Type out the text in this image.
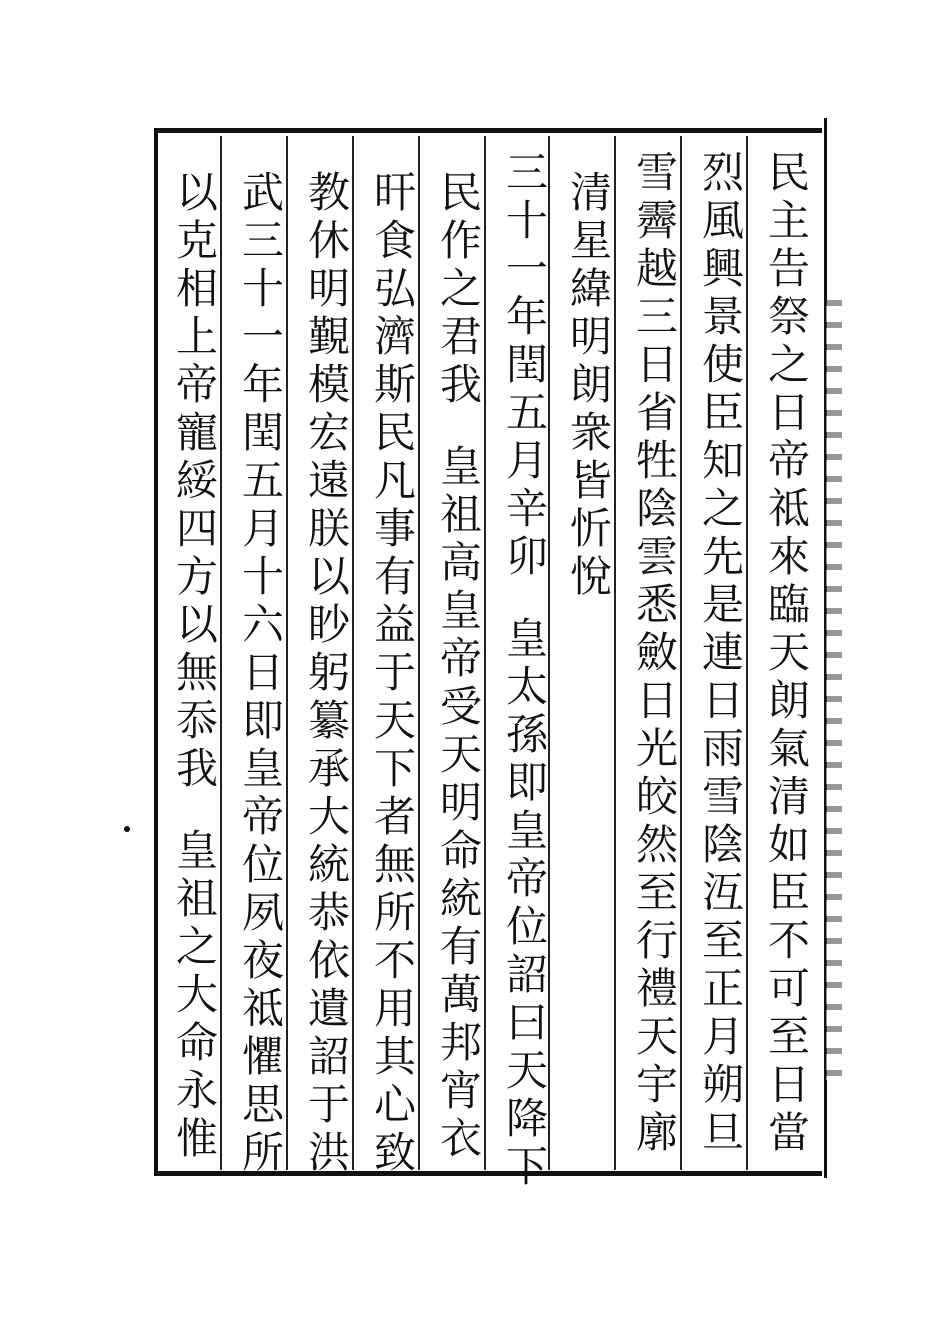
民主告祭之日帝祗來臨天朗氣清如臣不可至日當
烈風興景使臣知之先是連日雨雪陰沍至正月朔旦
雪霽越三日省牲陰雲悉斂日光皎然至行禮天宇廓
清星緯明朗衆皆忻悅
三十一年閏五月辛卯皇太孫即皇帝位詔曰天降下
民作之君我皇祖高皇帝受天明命統有萬邦宵衣
旰食弘濟斯民凡事有益于天下者無所不用其心致
教休明覲模宏遠朕以眇躬纂承大統恭依遺詔于洪
武三十一年閏五月十六日即皇帝位夙夜祗懼思所
以克相上帝寵綏四方以無忝我皇祖之大命永惟
